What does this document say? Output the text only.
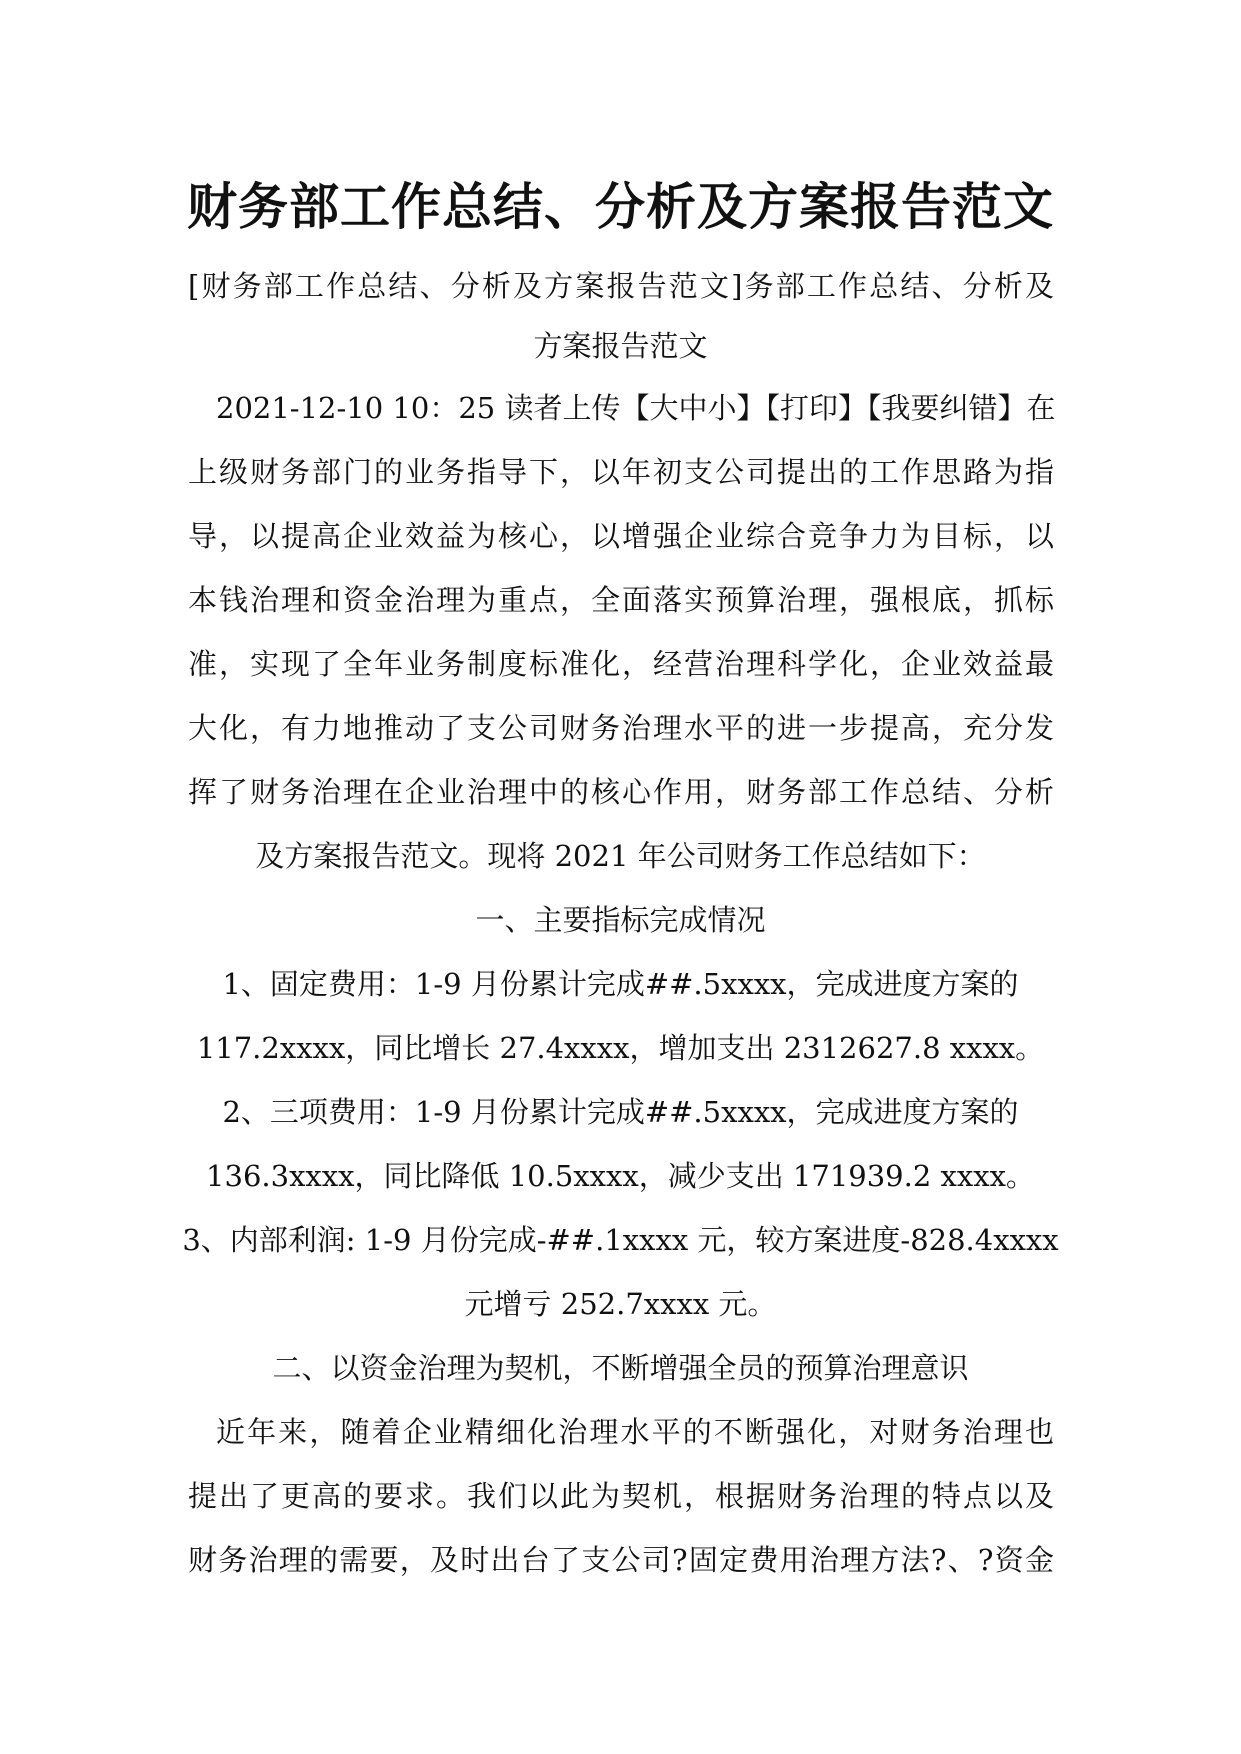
财务部工作总结、分析及方案报告范文
[财务部工作总结、分析及方案报告范文]务部工作总结、分析及
方案报告范文
2021-12-10 10：25 读者上传【大中小】【打印】【我要纠错】在
上级财务部门的业务指导下，以年初支公司提出的工作思路为指
导，以提高企业效益为核心，以增强企业综合竞争力为目标，以
本钱治理和资金治理为重点，全面落实预算治理，强根底，抓标
准，实现了全年业务制度标准化，经营治理科学化，企业效益最
大化，有力地推动了支公司财务治理水平的进一步提高，充分发
挥了财务治理在企业治理中的核心作用，财务部工作总结、分析
及方案报告范文。现将 2021 年公司财务工作总结如下：
一、主要指标完成情况
1、固定费用：1-9 月份累计完成##.5xxxx，完成进度方案的
117.2xxxx，同比增长 27.4xxxx，增加支出 2312627.8 xxxx。
2、三项费用：1-9 月份累计完成##.5xxxx，完成进度方案的
136.3xxxx，同比降低 10.5xxxx，减少支出 171939.2 xxxx。
3、内部利润: 1-9 月份完成-##.1xxxx 元，较方案进度-828.4xxxx
元增亏 252.7xxxx 元。
二、以资金治理为契机，不断增强全员的预算治理意识
近年来，随着企业精细化治理水平的不断强化，对财务治理也
提出了更高的要求。我们以此为契机，根据财务治理的特点以及
财务治理的需要，及时出台了支公司?固定费用治理方法?、?资金
